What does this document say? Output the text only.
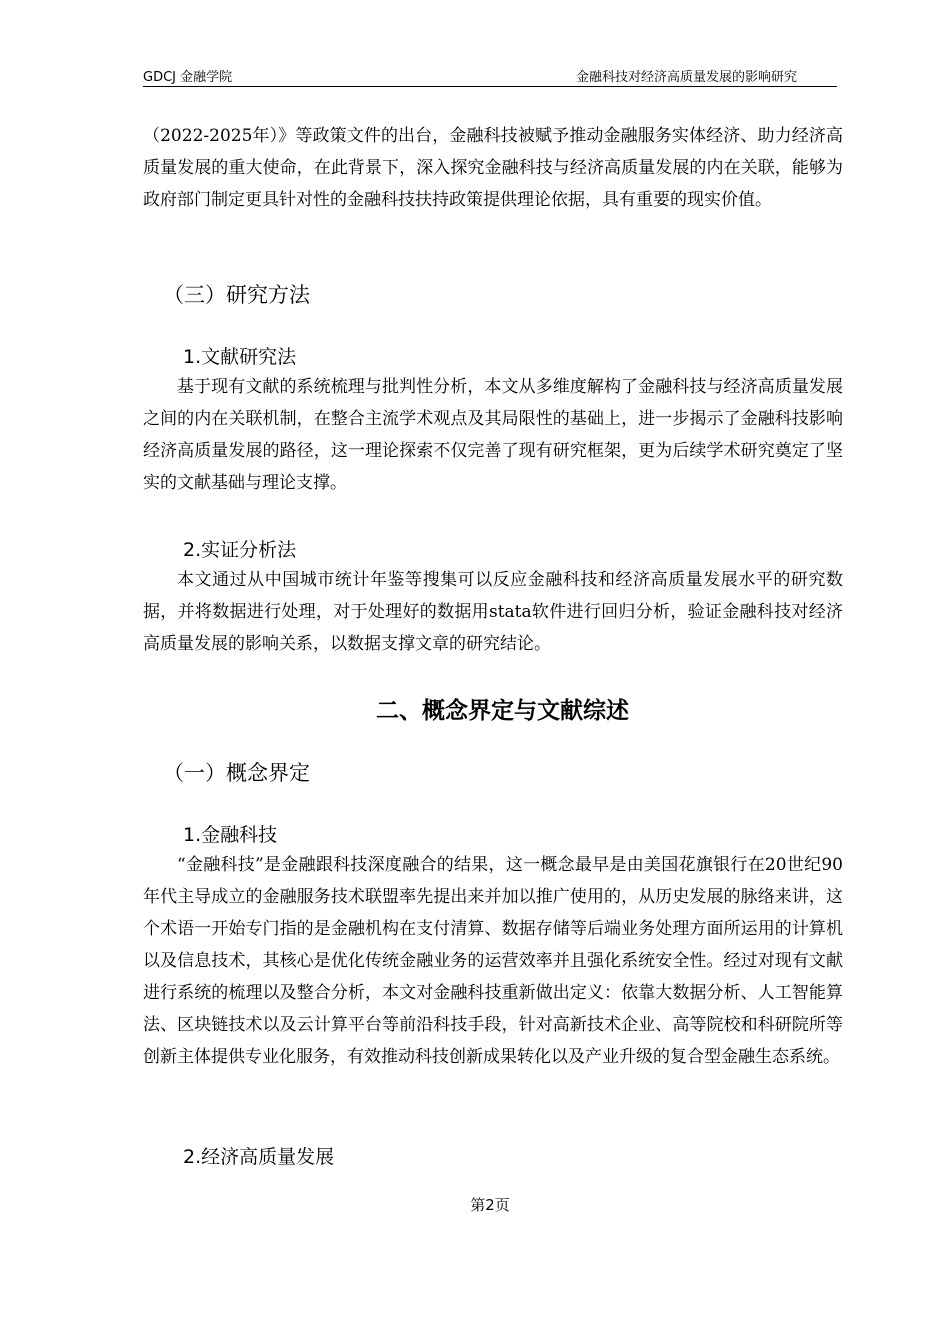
GDCJ 金融学院	金融科技对经济高质量发展的影响研究

（2022-2025年）》等政策文件的出台，金融科技被赋予推动金融服务实体经济、助力经济高质量发展的重大使命，在此背景下，深入探究金融科技与经济高质量发展的内在关联，能够为政府部门制定更具针对性的金融科技扶持政策提供理论依据，具有重要的现实价值。

（三）研究方法
1.文献研究法

基于现有文献的系统梳理与批判性分析，本文从多维度解构了金融科技与经济高质量发展之间的内在关联机制，在整合主流学术观点及其局限性的基础上，进一步揭示了金融科技影响经济高质量发展的路径，这一理论探索不仅完善了现有研究框架，更为后续学术研究奠定了坚实的文献基础与理论支撑。

2.实证分析法

本文通过从中国城市统计年鉴等搜集可以反应金融科技和经济高质量发展水平的研究数据，并将数据进行处理，对于处理好的数据用stata软件进行回归分析，验证金融科技对经济高质量发展的影响关系，以数据支撑文章的研究结论。

二、概念界定与文献综述
（一）概念界定
1.金融科技

“金融科技”是金融跟科技深度融合的结果，这一概念最早是由美国花旗银行在20世纪90年代主导成立的金融服务技术联盟率先提出来并加以推广使用的，从历史发展的脉络来讲，这个术语一开始专门指的是金融机构在支付清算、数据存储等后端业务处理方面所运用的计算机以及信息技术，其核心是优化传统金融业务的运营效率并且强化系统安全性。经过对现有文献进行系统的梳理以及整合分析，本文对金融科技重新做出定义：依靠大数据分析、人工智能算法、区块链技术以及云计算平台等前沿科技手段，针对高新技术企业、高等院校和科研院所等创新主体提供专业化服务，有效推动科技创新成果转化以及产业升级的复合型金融生态系统。

2.经济高质量发展
第2页
